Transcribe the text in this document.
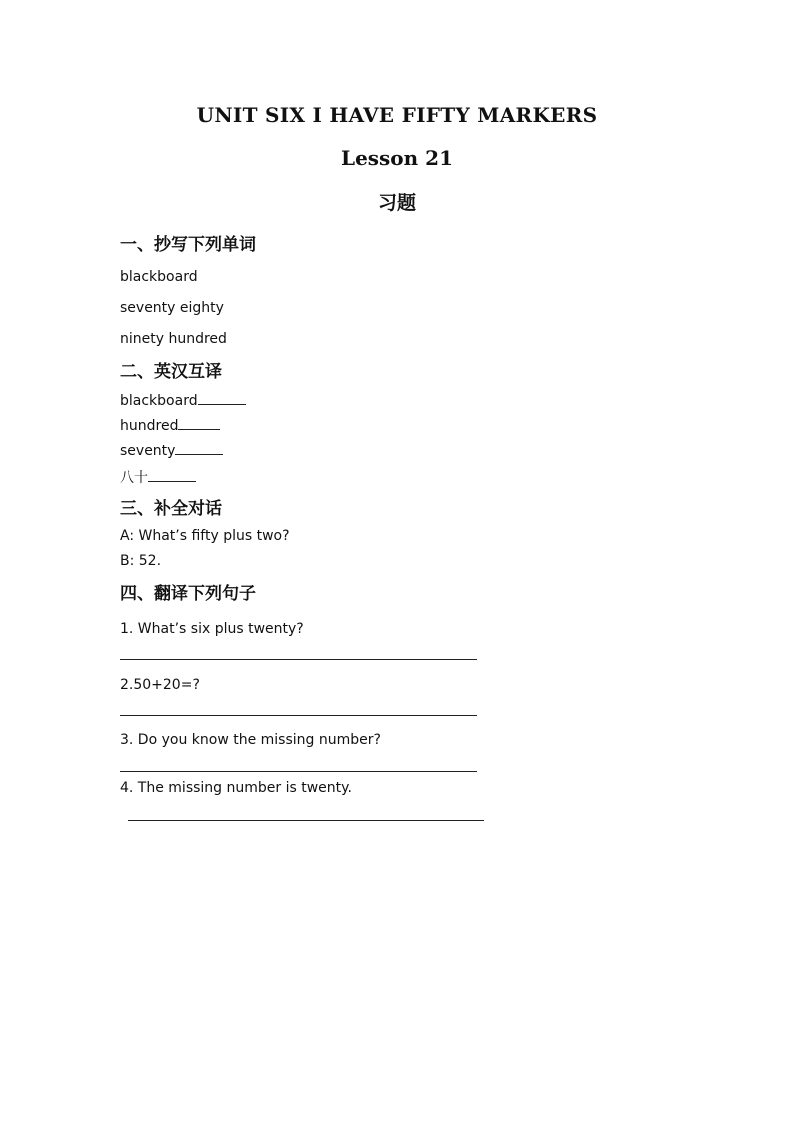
UNIT SIX I HAVE FIFTY MARKERS
Lesson 21
习题
一、抄写下列单词
blackboard
seventy eighty
ninety hundred
二、英汉互译
blackboard
hundred
seventy
八十
三、补全对话
A: What’s fifty plus two?
B: 52.
四、翻译下列句子
1. What’s six plus twenty?
2.50+20=?
3. Do you know the missing number?
4. The missing number is twenty.
